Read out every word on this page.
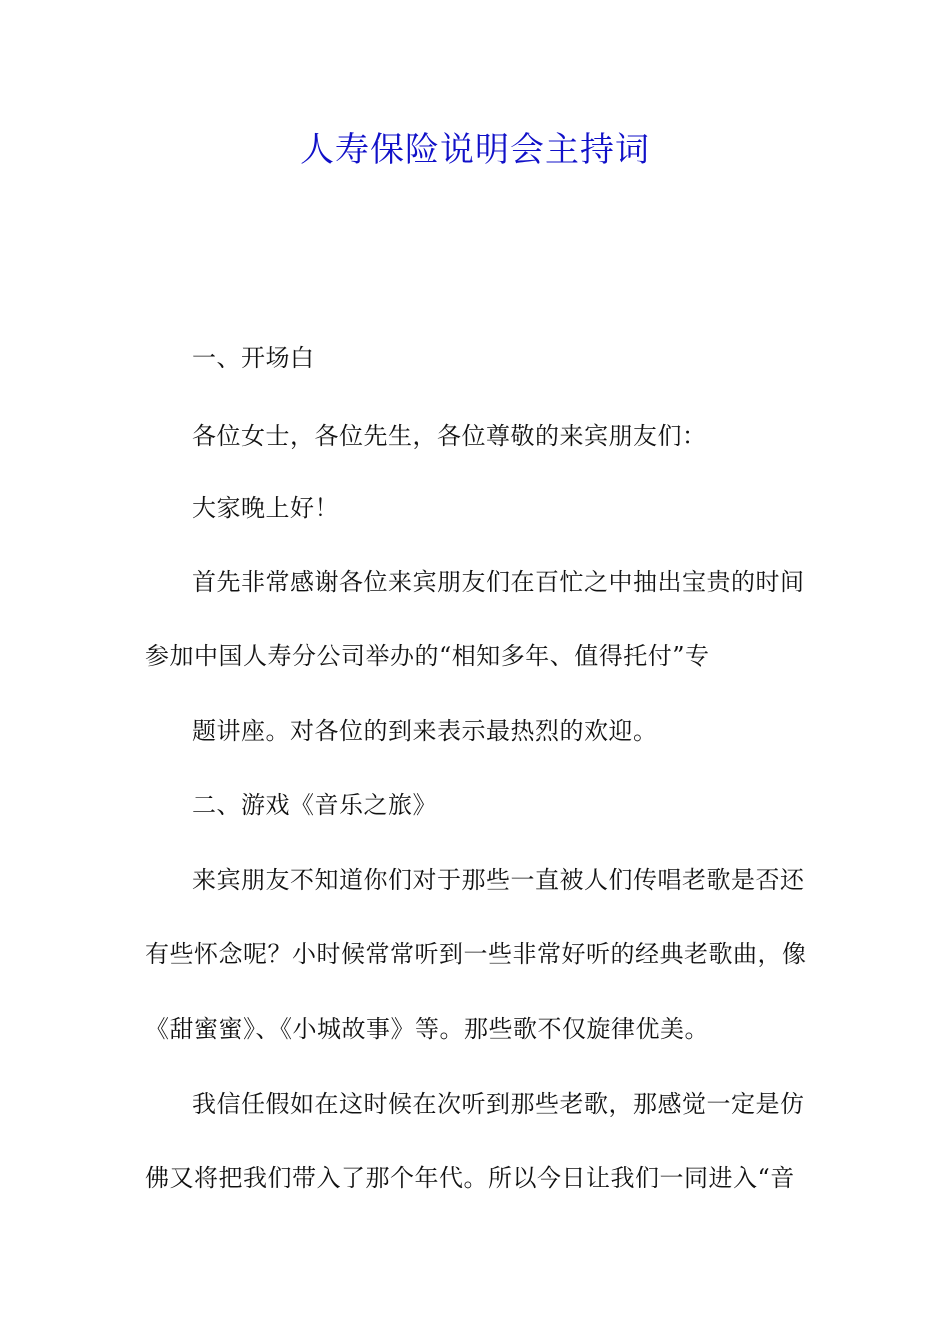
人寿保险说明会主持词
一、开场白
各位女士，各位先生，各位尊敬的来宾朋友们：
大家晚上好！
首先非常感谢各位来宾朋友们在百忙之中抽出宝贵的时间
参加中国人寿分公司举办的“相知多年、值得托付”专
题讲座。对各位的到来表示最热烈的欢迎。
二、游戏《音乐之旅》
来宾朋友不知道你们对于那些一直被人们传唱老歌是否还
有些怀念呢？小时候常常听到一些非常好听的经典老歌曲，像
《甜蜜蜜》、《小城故事》等。那些歌不仅旋律优美。
我信任假如在这时候在次听到那些老歌，那感觉一定是仿
佛又将把我们带入了那个年代。所以今日让我们一同进入“音
